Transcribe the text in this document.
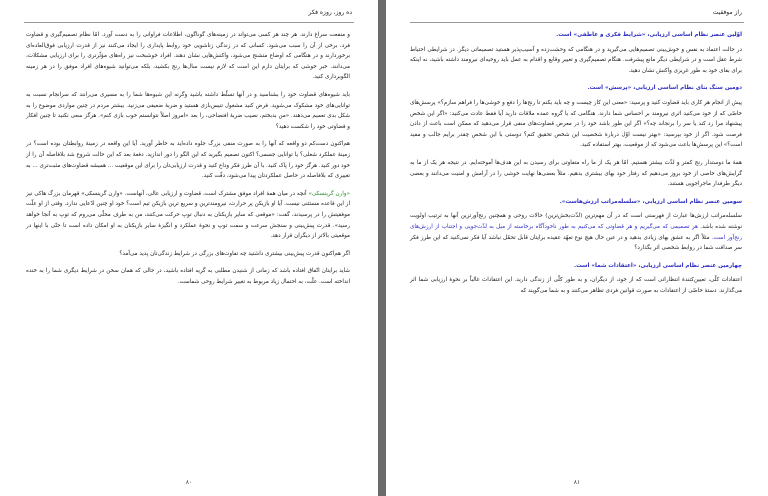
ده روز، روزه فکر

و منفعت سراغ دارند. هر چند هر کسی می‌تواند در زمینه‌های گوناگون، اطلاعات فراوانی را به دست آورد. امّا نظام تصمیم‌گیری و قضاوت فرد، برخی از آن را سبب می‌شود. کسانی که در زندگی زناشویی خود روابط پایداری را ایجاد می‌کنند نیز از قدرت ارزیابی فوق‌العاده‌ای برخوردارند و در هنگامی که اوضاع متشنج می‌شود، واکنش‌هایی نشان دهند. افراد خوشبخت نیز راه‌های مؤثّرتری را برای ارزیابی مشکلات، می‌دانند. خبر خوشی که برایتان دارم این است که لازم نیست سال‌ها رنج بکشید، بلکه می‌توانید شیوه‌های افراد موفق را در هر زمینه الگوبرداری کنید.

باید شیوه‌های قضاوت خود را بشناسید و در آنها تسلّط داشته باشید وگرنه این شیوه‌ها شما را به مسیری می‌رانند که سرانجام نسبت به توانایی‌های خود مشکوک می‌شوید. فرض کنید مشغول تنیس‌بازی هستید و ضربهٔ ضعیفی می‌زنید. بیشتر مردم در چنین مواردی موضوع را به شکل بدی تعمیم می‌دهند. «من بدبختم، نصیب ضربهٔ افتضاحی، را بعد «امروز اصلاً نتوانستم خوب بازی کنم». هرگز سعی نکنید تا چنین افکار و قضاوتی خود را شکست دهید؟

هم‌اکنون دست‌کم دو واقعه که آنها را به صورت منفی بزرگ جلوه داده‌اید به خاطر آورید. آیا این واقعه در زمینهٔ روابطتان بوده است؟ در زمینهٔ عملکرد شغلی؟ یا توانایی جسمی؟ اکنون تصمیم بگیرید که این الگو را دور اندازید. دفعهٔ بعد که این حالت شروع شد بلافاصله آن را از خود دور کنید. هرگز خود را پاک کنید. با آن طرز فکر وداع کنید و قدرت ارزیابی‌تان را برای این موقعیت ... همیشه قضاوت‌های مثبت‌تری ... به تغییری که بلافاصله در حاصل عملکردتان پیدا می‌شود، دقّت کنید.

«وارن گرینسکی» آنچه در میان همهٔ افراد موفق مشترک است، قضاوت و ارزیابی عالی، آنهاست. «وارن گرینسکی» قهرمان بزرگ هاکی نیز از این قاعده مستثنی نیست. آیا او بازیکن پر حرارت، نیرومندترین و سریع ترین بازیکن تیم است؟ خود او چنین ادّعایی ندارد. وقتی از او علّت موفقیتش را در پرسیدند، گفت: «موقعی که سایر بازیکنان به دنبال توپ حرکت می‌کنند، من به طرف محلّی می‌روم که توپ به آنجا خواهد رسید». قدرت پیش‌بینی و سنجش سرعت و سمت توپ و نحوهٔ عملکرد و انگیزهٔ سایر بازیکنان به او امکان داده است تا حتّی با اینها در موقعیتی بالاتر از دیگران قرار دهد.

اگر هم‌اکنون قدرت پیش‌بینی بیشتری داشتید چه تفاوت‌های بزرگی در شرایط زندگی‌تان پدید می‌آمد؟

شاید برایتان اتّفاق افتاده باشد که زمانی از شنیدن مطلبی به گریه افتاده باشید، در حالی که همان سخن در شرایط دیگری شما را به خنده انداخته است. علّت، به احتمال زیاد مربوط به تغییر شرایط روحی شماست.

۸۰
راز موفقیت

اوّلین عنصر نظام اساسی ارزیابی، «شرایط فکری و عاطفی» است.

در حالت اعتماد به نفس و خوش‌بینی تصمیم‌هایی می‌گیرید و در هنگامی که وحشت‌زده و آسیب‌پذیر هستید تصمیماتی دیگر. در شرایطی احتیاط شرط عقل است و در شرایطی دیگر مانع پیشرفت. هنگام تصمیم‌گیری و تغییر وقایع و اقدام به عمل باید روحیه‌ای نیرومند داشته باشید، نه اینکه برای بقای خود به طور غریزی واکنش نشان دهید.

دومین سنگ بنای نظام اساسی ارزیابی، «پرسش» است.

پیش از انجام هر کاری باید قضاوت کنید و پرسید: «معنی این کار چیست و چه باید بکنم تا رنج‌ها را دفع و خوشی‌ها را فراهم سازم؟» پرسش‌های خاصّی که از خود می‌کنید اثری نیرومند بر احساس شما دارند. هنگامی که با گروه عمده ملاقات دارید آیا فقط عادت می‌کنید: «اگر این شخص پیشنهاد مرا رد کند یا سر را برنجاند چه؟» اگر این طور باشد خود را در معرض قضاوت‌های منفی قرار می‌دهید که ممکن است باعث از دادن فرصت شود. اگر از خود بپرسید: «بهتر نیست اوّل دربارهٔ شخصیت این شخص تحقیق کنم؟ دوستی با این شخص چقدر برایم جالب و مفید است؟» این پرسش‌ها باعث می‌شود که از موقعیت، بهتر استفاده کنید.

همهٔ ما دوستدار رنج کمتر و لذّت بیشتر هستیم. امّا هر یک از ما راه متفاوتی برای رسیدن به این هدف‌ها آموخته‌ایم. در نتیجه هر یک از ما به گرایش‌های خاصی از خود بروز می‌دهیم که رفتار خود بهای بیشتری بدهیم. مثلاً بعضی‌ها نهایت خوشی را در آرامش و امنیت می‌دانند و بعضی دیگر طرفدار ماجراجویی هستند.

سومین عنصر نظام اساسی ارزیابی، «سلسله‌مراتب ارزش‌هاست».

سلسله‌مراتب ارزش‌ها عبارت از فهرستی است که در آن مهم‌ترین (لذّت‌بخش‌ترین) حالات روحی و همچنین رنج‌آورترین آنها به ترتیب اولویت نوشته شده باشد. هر تصمیمی که می‌گیریم و هر قضاوتی که می‌کنیم به طور ناخودآگاه برخاسته از میل به لذّت‌جویی و اجتناب از ارزش‌های رنج‌آور است. مثلاً اگر به عشق بهای زیادی بدهید و در عین حال هیچ نوع تعهّد عقیده برایتان قابل تحمّل نباشد آیا فکر نمی‌کنید که این طرز فکر سر صداقت شما در روابط شخصی اثر بگذارد؟

چهارمین عنصر نظام اساسی ارزیابی، «اعتقادات شما» است.

اعتقادات کلّی، تعیین‌کنندهٔ انتظاراتی است که از خود، از دیگران، و به طور کلّی از زندگی دارید. این اعتقادات غالباً بر نحوهٔ ارزیابی شما اثر می‌گذارند. دستهٔ خاصّی از اعتقادات به صورت قوانین فردی تظاهر می‌کنند و به شما می‌گویند که

۸۱
